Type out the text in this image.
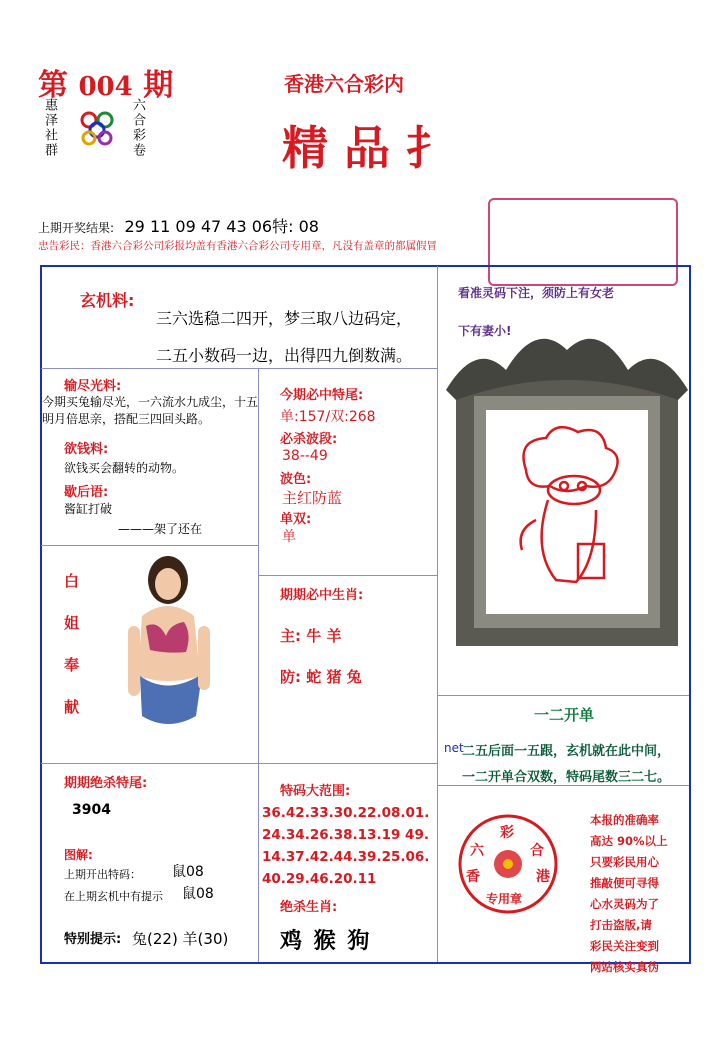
第 004 期
惠泽社群	六合彩卷
香港六合彩内
精品扌
上期开奖结果: 29 11 09 47 43 06特: 08
忠告彩民：香港六合彩公司彩报均盖有香港六合彩公司专用章，凡没有盖章的都属假冒
玄机料:
三六选稳二四开，梦三取八边码定，
二五小数码一边，出得四九倒数满。
输尽光料:
今期买兔输尽光，一六流水九成尘，十五明月倍思亲，搭配三四回头路。
欲钱料:
欲钱买会翻转的动物。
歇后语:
酱缸打破
———架了还在
今期必中特尾:
单:157/双:268
必杀波段:
38--49
波色:
主红防蓝
单双:
单
白
姐
奉
献
期期必中生肖:
主: 牛 羊
防: 蛇 猪 兔
看准灵码下注，须防上有女老
下有妻小!
一二开单
net
二五后面一五跟，玄机就在此中间，
一二开单合双数，特码尾数三二七。
期期绝杀特尾:
3904
图解:
上期开出特码： 鼠08
在上期玄机中有提示 鼠08
特别提示: 兔(22) 羊(30)
特码大范围:
36.42.33.30.22.08.01.
24.34.26.38.13.19 49.
14.37.42.44.39.25.06.
40.29.46.20.11
绝杀生肖:
鸡 猴 狗
彩
六	合
香	港
专用章
本报的准确率
高达 90%以上
只要彩民用心
推敲便可寻得
心水灵码为了
打击盗版,请
彩民关注变到
网站核实真伪
